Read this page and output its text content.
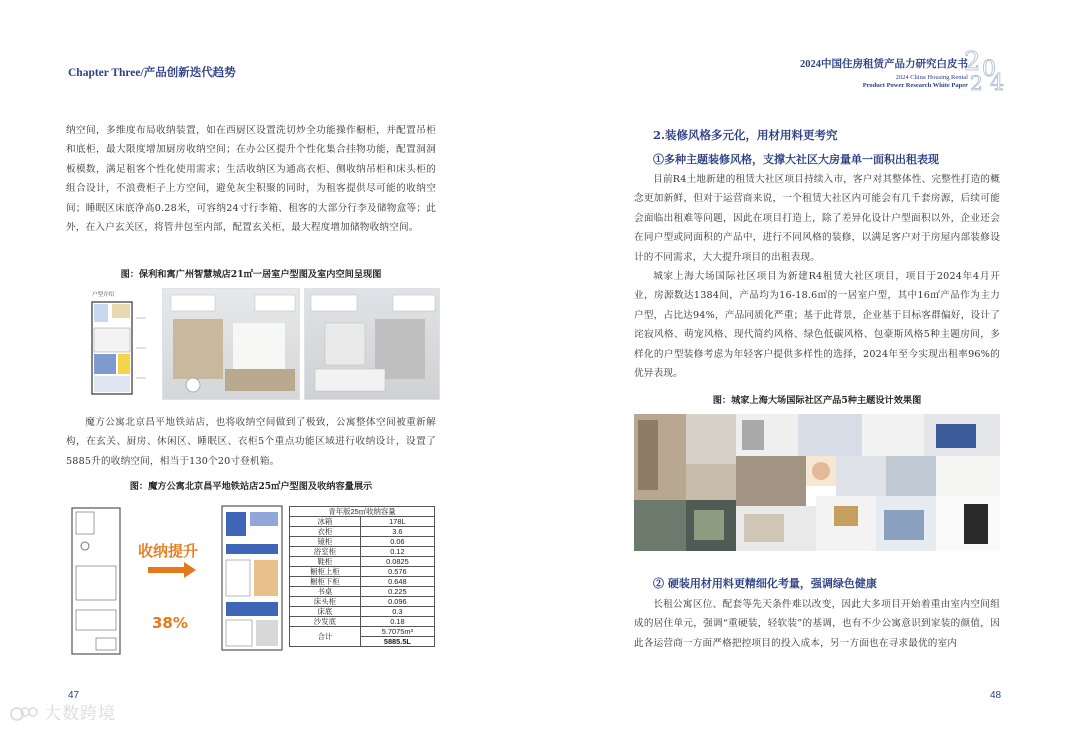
Chapter Three/产品创新迭代趋势
2024中国住房租赁产品力研究白皮书
2024 China Housing Rental
Product Power Research White Paper
2 0
2 4

纳空间，多维度布局收纳装置，如在西厨区设置洗切炒全功能操作橱柜，并配置吊柜和底柜，最大限度增加厨房收纳空间；在办公区提升个性化集合挂物功能，配置洞洞板模数，满足租客个性化使用需求；生活收纳区为通高衣柜、侧收纳吊柜和床头柜的组合设计，不浪费柜子上方空间，避免灰尘积聚的同时，为租客提供尽可能的收纳空间；睡眠区床底净高0.28米，可容纳24寸行李箱、租客的大部分行李及储物盒等；此外，在入户玄关区，将管井包至内部，配置玄关柜，最大程度增加储物收纳空间。

图：保利和寓广州智慧城店21㎡一居室户型图及室内空间呈现图
户型介绍

魔方公寓北京昌平地铁站店，也将收纳空间做到了极致，公寓整体空间被重新解构，在玄关、厨房、休闲区、睡眠区、衣柜5个重点功能区域进行收纳设计，设置了5885升的收纳空间，相当于130个20寸登机箱。

图：魔方公寓北京昌平地铁站店25㎡户型图及收纳容量展示
收纳提升
38%
青年版25㎡收纳容量	
冰箱	178L
衣柜	3.6
镜柜	0.06
浴室柜	0.12
鞋柜	0.0825
橱柜上柜	0.576
橱柜下柜	0.648
书桌	0.225
床头柜	0.096
床底	0.3
沙发底	0.18
合计	5.7075m³
	5885.5L
47
大数跨境
2.装修风格多元化，用材用料更考究
①多种主题装修风格，支撑大社区大房量单一面积出租表现

目前R4土地新建的租赁大社区项目持续入市，客户对其整体性、完整性打造的概念更加新鲜，但对于运营商来说，一个租赁大社区内可能会有几千套房源，后续可能会面临出租难等问题，因此在项目打造上，除了差异化设计户型面积以外，企业还会在同户型或同面积的产品中，进行不同风格的装修，以满足客户对于房屋内部装修设计的不同需求，大大提升项目的出租表现。

城家上海大场国际社区项目为新建R4租赁大社区项目，项目于2024年4月开业，房源数达1384间，产品均为16-18.6㎡的一居室户型，其中16㎡产品作为主力户型，占比达94%，产品同质化严重；基于此背景，企业基于目标客群偏好，设计了诧寂风格、萌宠风格、现代简约风格、绿色低碳风格、包豪斯风格5种主题房间，多样化的户型装修考虑为年轻客户提供多样性的选择，2024年至今实现出租率96%的优异表现。

图：城家上海大场国际社区产品5种主题设计效果图
② 硬装用材用料更精细化考量，强调绿色健康

长租公寓区位、配套等先天条件难以改变，因此大多项目开始着重由室内空间组成的居住单元，强调“重硬装，轻软装”的基调，也有不少公寓意识到家装的颜值，因此各运营商一方面严格把控项目的投入成本，另一方面也在寻求最优的室内

48
